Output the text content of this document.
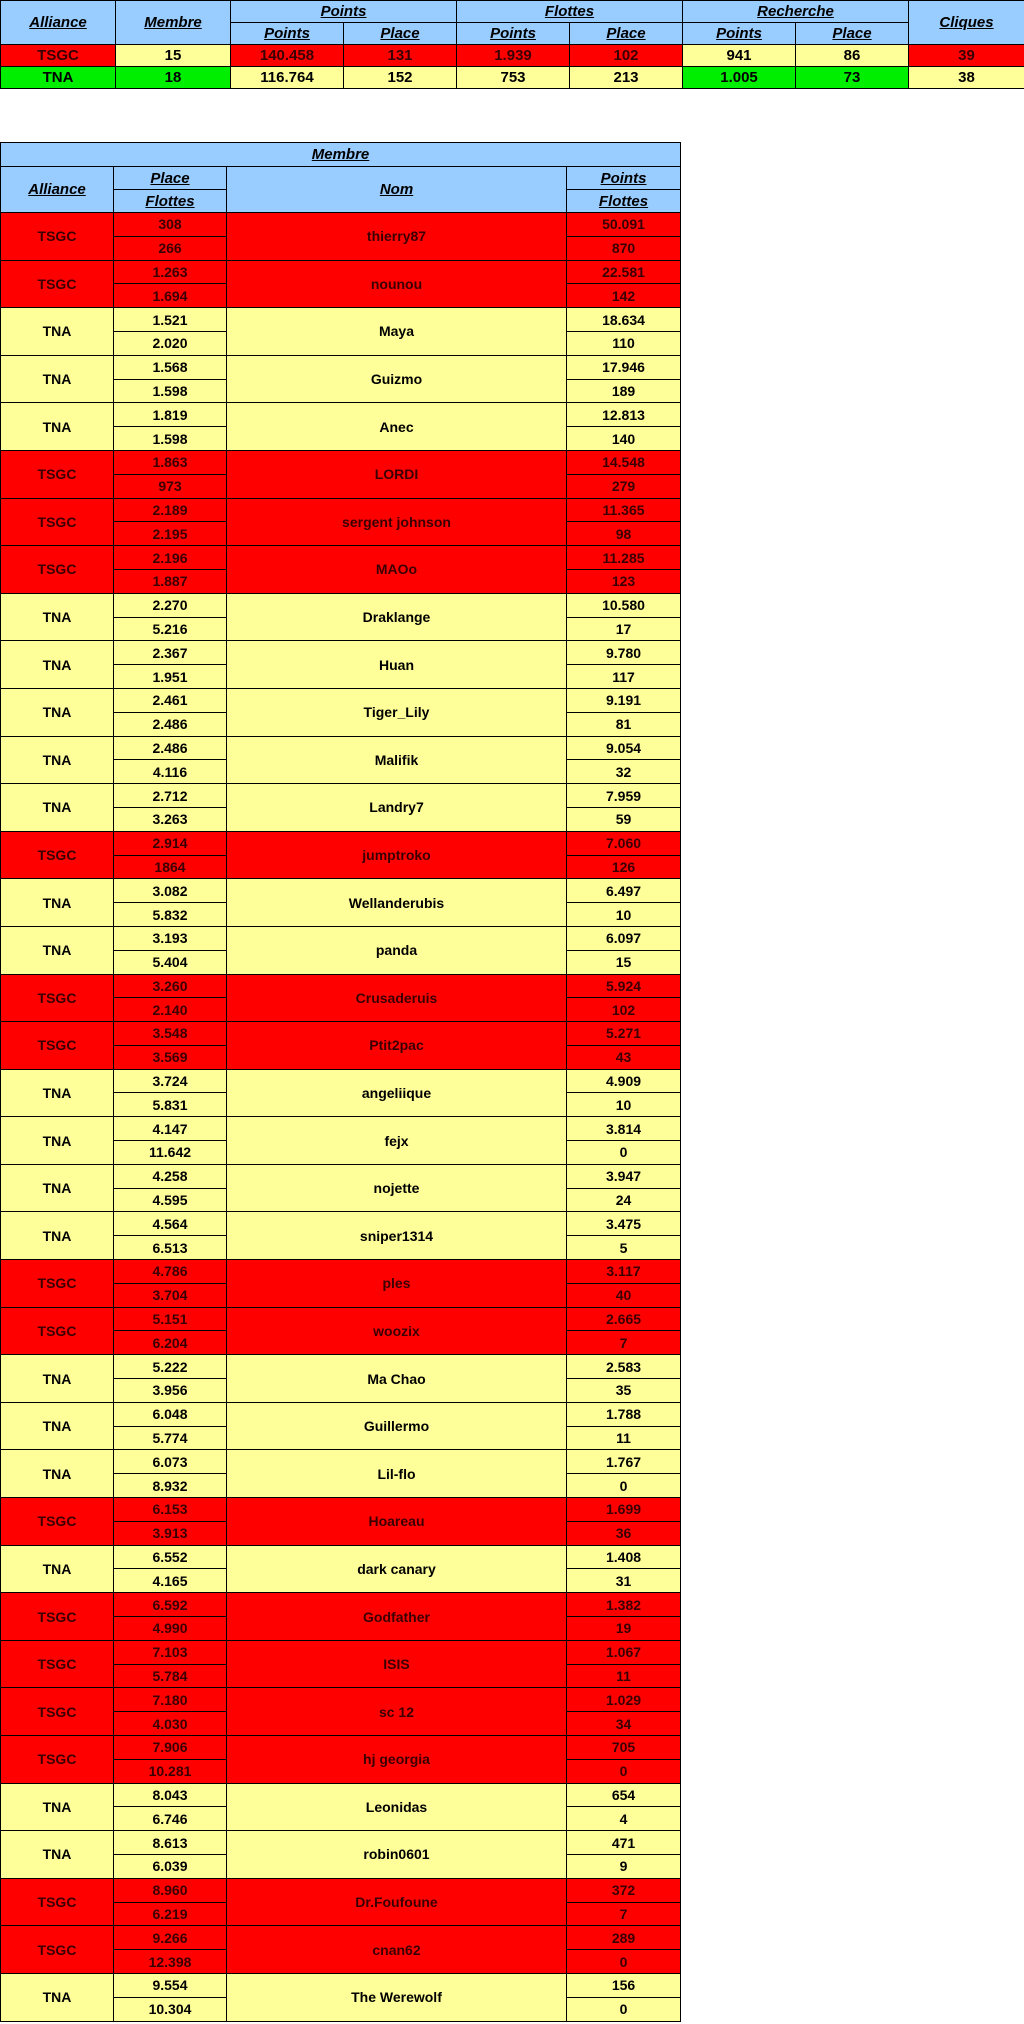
Alliance	Membre	Points		Flottes		Recherche		Cliques
		Points	Place	Points	Place	Points	Place	
TSGC	15	140.458	131	1.939	102	941	86	39
TNA	18	116.764	152	753	213	1.005	73	38
Membre			
Alliance	Place	Nom	Points
	Flottes		Flottes
TSGC	308	thierry87	50.091
	266		870
TSGC	1.263	nounou	22.581
	1.694		142
TNA	1.521	Maya	18.634
	2.020		110
TNA	1.568	Guizmo	17.946
	1.598		189
TNA	1.819	Anec	12.813
	1.598		140
TSGC	1.863	LORDI	14.548
	973		279
TSGC	2.189	sergent johnson	11.365
	2.195		98
TSGC	2.196	MAOo	11.285
	1.887		123
TNA	2.270	Draklange	10.580
	5.216		17
TNA	2.367	Huan	9.780
	1.951		117
TNA	2.461	Tiger_Lily	9.191
	2.486		81
TNA	2.486	Malifik	9.054
	4.116		32
TNA	2.712	Landry7	7.959
	3.263		59
TSGC	2.914	jumptroko	7.060
	1864		126
TNA	3.082	Wellanderubis	6.497
	5.832		10
TNA	3.193	panda	6.097
	5.404		15
TSGC	3.260	Crusaderuis	5.924
	2.140		102
TSGC	3.548	Ptit2pac	5.271
	3.569		43
TNA	3.724	angeliique	4.909
	5.831		10
TNA	4.147	fejx	3.814
	11.642		0
TNA	4.258	nojette	3.947
	4.595		24
TNA	4.564	sniper1314	3.475
	6.513		5
TSGC	4.786	ples	3.117
	3.704		40
TSGC	5.151	woozix	2.665
	6.204		7
TNA	5.222	Ma Chao	2.583
	3.956		35
TNA	6.048	Guillermo	1.788
	5.774		11
TNA	6.073	Lil-flo	1.767
	8.932		0
TSGC	6.153	Hoareau	1.699
	3.913		36
TNA	6.552	dark canary	1.408
	4.165		31
TSGC	6.592	Godfather	1.382
	4.990		19
TSGC	7.103	ISIS	1.067
	5.784		11
TSGC	7.180	sc 12	1.029
	4.030		34
TSGC	7.906	hj georgia	705
	10.281		0
TNA	8.043	Leonidas	654
	6.746		4
TNA	8.613	robin0601	471
	6.039		9
TSGC	8.960	Dr.Foufoune	372
	6.219		7
TSGC	9.266	cnan62	289
	12.398		0
TNA	9.554	The Werewolf	156
	10.304		0
